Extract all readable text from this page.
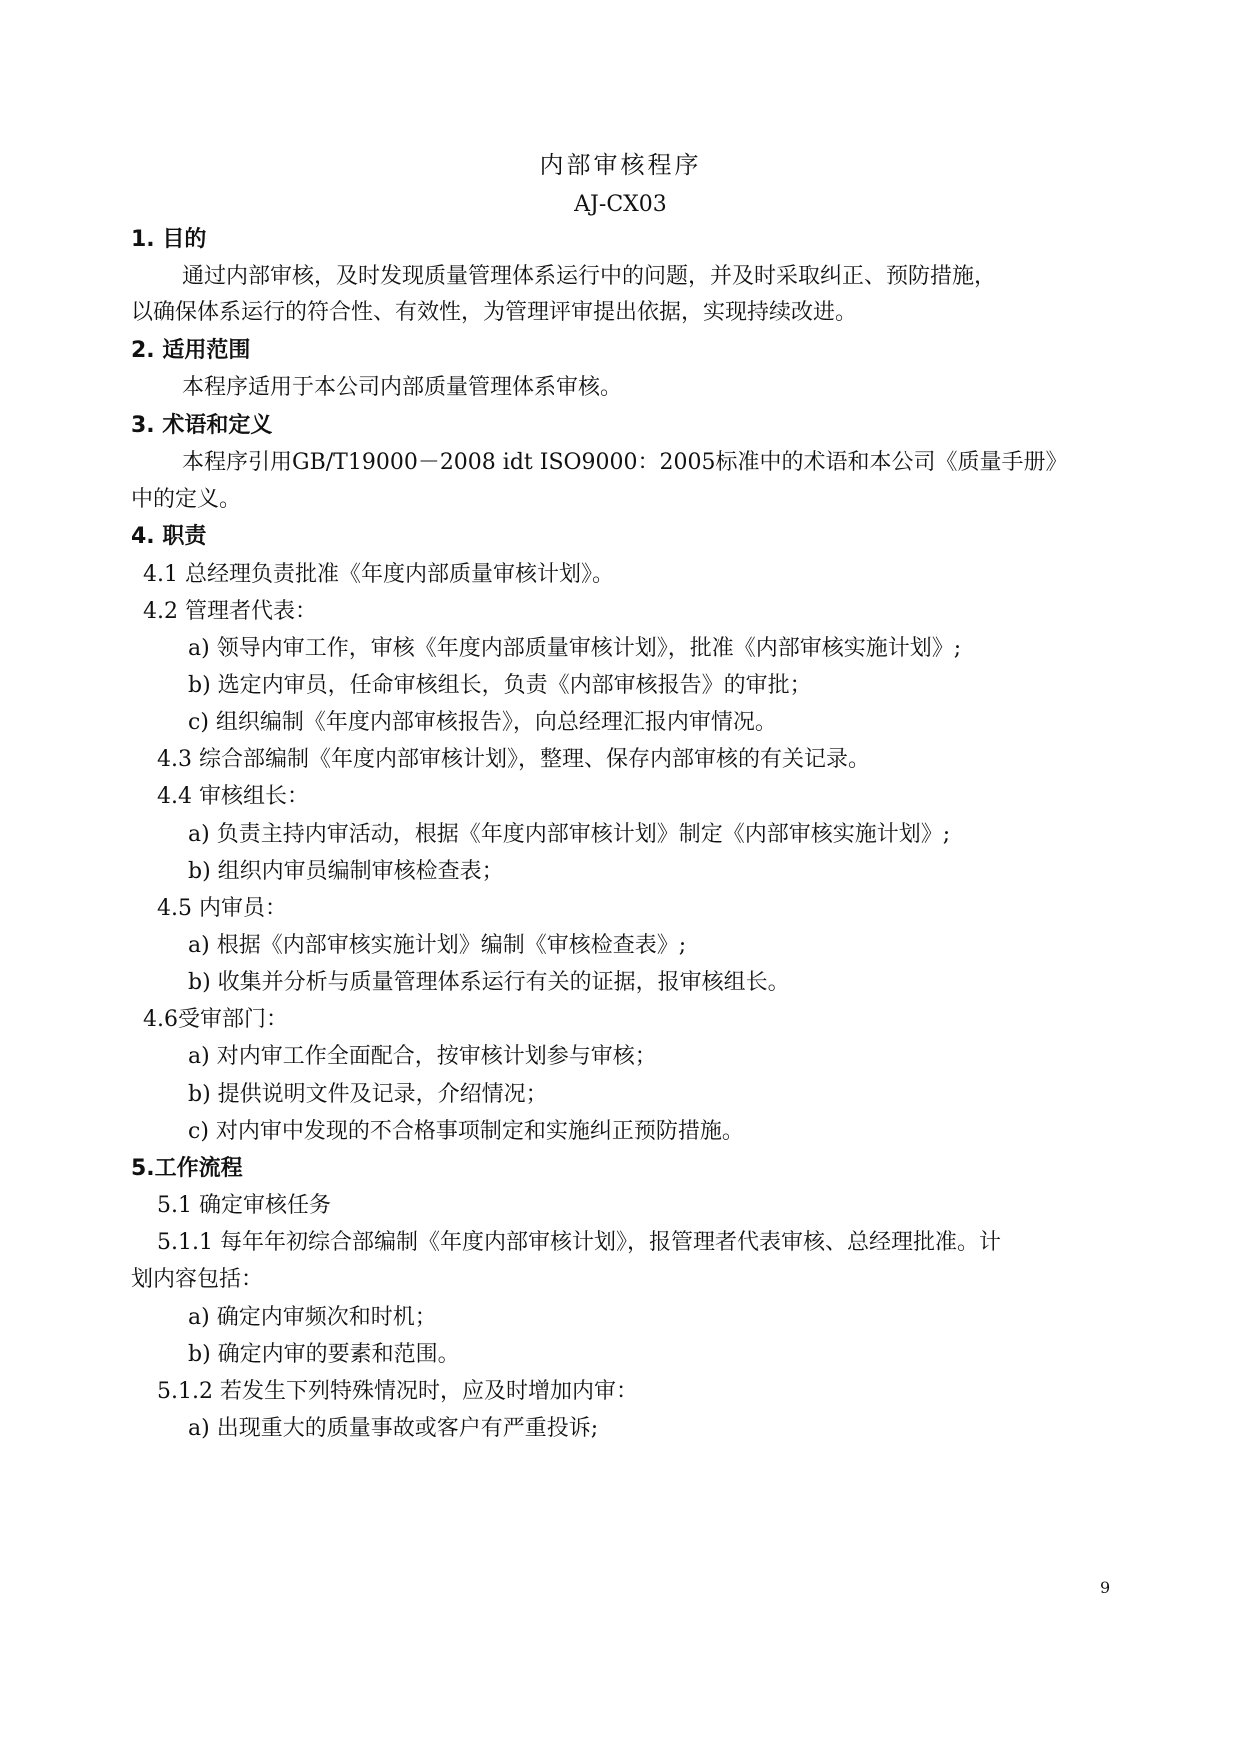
内部审核程序
AJ-CX03
1. 目的
通过内部审核，及时发现质量管理体系运行中的问题，并及时采取纠正、预防措施，
以确保体系运行的符合性、有效性，为管理评审提出依据，实现持续改进。
2. 适用范围
本程序适用于本公司内部质量管理体系审核。
3. 术语和定义
本程序引用GB/T19000－2008 idt ISO9000：2005标准中的术语和本公司《质量手册》
中的定义。
4. 职责
4.1 总经理负责批准《年度内部质量审核计划》。
4.2 管理者代表：
a) 领导内审工作，审核《年度内部质量审核计划》，批准《内部审核实施计划》;
b) 选定内审员，任命审核组长，负责《内部审核报告》的审批；
c) 组织编制《年度内部审核报告》，向总经理汇报内审情况。
4.3 综合部编制《年度内部审核计划》，整理、保存内部审核的有关记录。
4.4 审核组长：
a) 负责主持内审活动，根据《年度内部审核计划》制定《内部审核实施计划》;
b) 组织内审员编制审核检查表；
4.5 内审员：
a) 根据《内部审核实施计划》编制《审核检查表》;
b) 收集并分析与质量管理体系运行有关的证据，报审核组长。
4.6受审部门：
a) 对内审工作全面配合，按审核计划参与审核；
b) 提供说明文件及记录，介绍情况；
c) 对内审中发现的不合格事项制定和实施纠正预防措施。
5.工作流程
5.1 确定审核任务
5.1.1 每年年初综合部编制《年度内部审核计划》，报管理者代表审核、总经理批准。计
划内容包括：
a) 确定内审频次和时机；
b) 确定内审的要素和范围。
5.1.2 若发生下列特殊情况时，应及时增加内审：
a) 出现重大的质量事故或客户有严重投诉;
9
